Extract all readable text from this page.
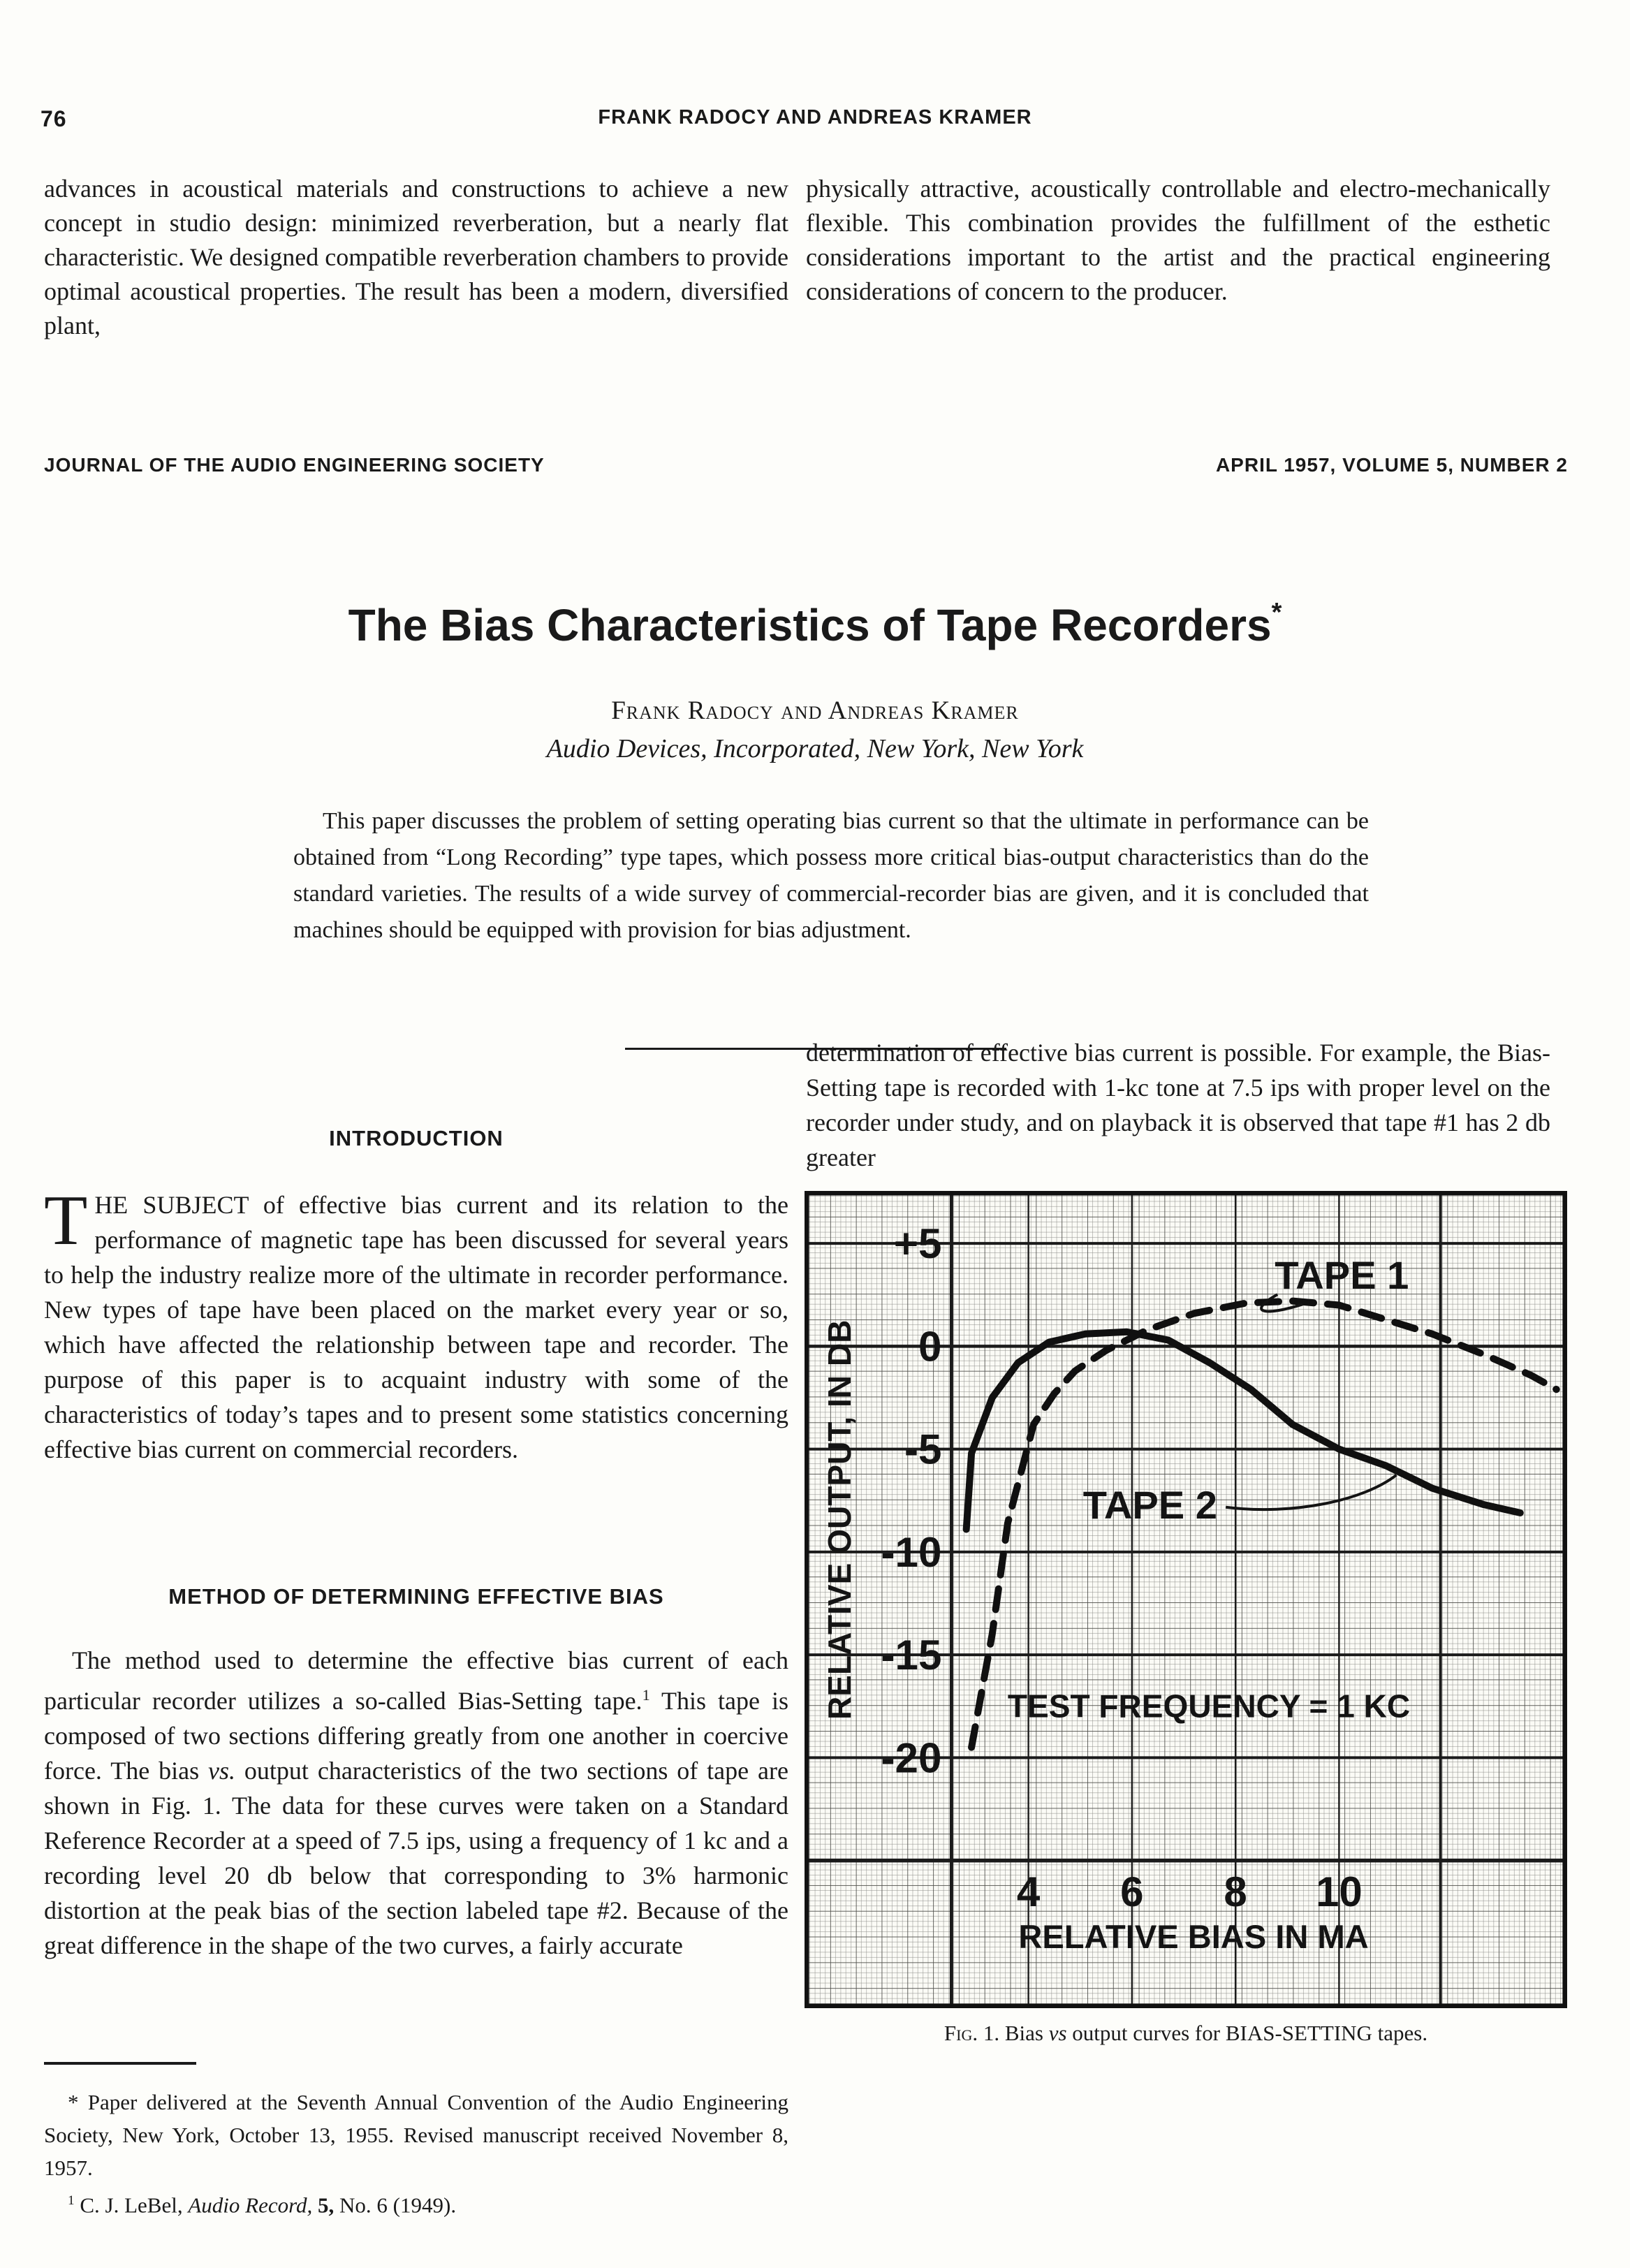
76	FRANK RADOCY AND ANDREAS KRAMER
advances in acoustical materials and constructions to achieve a new concept in studio design: minimized reverberation, but a nearly flat characteristic. We designed compatible reverberation chambers to provide optimal acoustical properties. The result has been a modern, diversified plant,
physically attractive, acoustically controllable and electro-mechanically flexible. This combination provides the fulfillment of the esthetic considerations important to the artist and the practical engineering considerations of concern to the producer.
JOURNAL OF THE AUDIO ENGINEERING SOCIETY	APRIL 1957, VOLUME 5, NUMBER 2
The Bias Characteristics of Tape Recorders*
Frank Radocy and Andreas Kramer
Audio Devices, Incorporated, New York, New York
This paper discusses the problem of setting operating bias current so that the ultimate in performance can be obtained from “Long Recording” type tapes, which possess more critical bias-output characteristics than do the standard varieties. The results of a wide survey of commercial-recorder bias are given, and it is concluded that machines should be equipped with provision for bias adjustment.
INTRODUCTION
THE SUBJECT of effective bias current and its relation to the performance of magnetic tape has been discussed for several years to help the industry realize more of the ultimate in recorder performance. New types of tape have been placed on the market every year or so, which have affected the relationship between tape and recorder. The purpose of this paper is to acquaint industry with some of the characteristics of today’s tapes and to present some statistics concerning effective bias current on commercial recorders.
METHOD OF DETERMINING EFFECTIVE BIAS
The method used to determine the effective bias current of each particular recorder utilizes a so-called Bias-Setting tape.$^1$ This tape is composed of two sections differing greatly from one another in coercive force. The bias vs. output characteristics of the two sections of tape are shown in Fig. 1. The data for these curves were taken on a Standard Reference Recorder at a speed of 7.5 ips, using a frequency of 1 kc and a recording level 20 db below that corresponding to 3% harmonic distortion at the peak bias of the section labeled tape #2. Because of the great difference in the shape of the two curves, a fairly accurate
* Paper delivered at the Seventh Annual Convention of the Audio Engineering Society, New York, October 13, 1955. Revised manuscript received November 8, 1957.
$^1$ C. J. LeBel, Audio Record, 5, No. 6 (1949).
determination of effective bias current is possible. For example, the Bias-Setting tape is recorded with 1-kc tone at 7.5 ips with proper level on the recorder under study, and on playback it is observed that tape #1 has 2 db greater
+5
0
-5
-10
-15
-20
4 6 8 10
RELATIVE BIAS IN MA
RELATIVE OUTPUT, IN DB	TEST FREQUENCY = 1 KC
TAPE 1
TAPE 2
Fig. 1. Bias vs output curves for BIAS-SETTING tapes.
